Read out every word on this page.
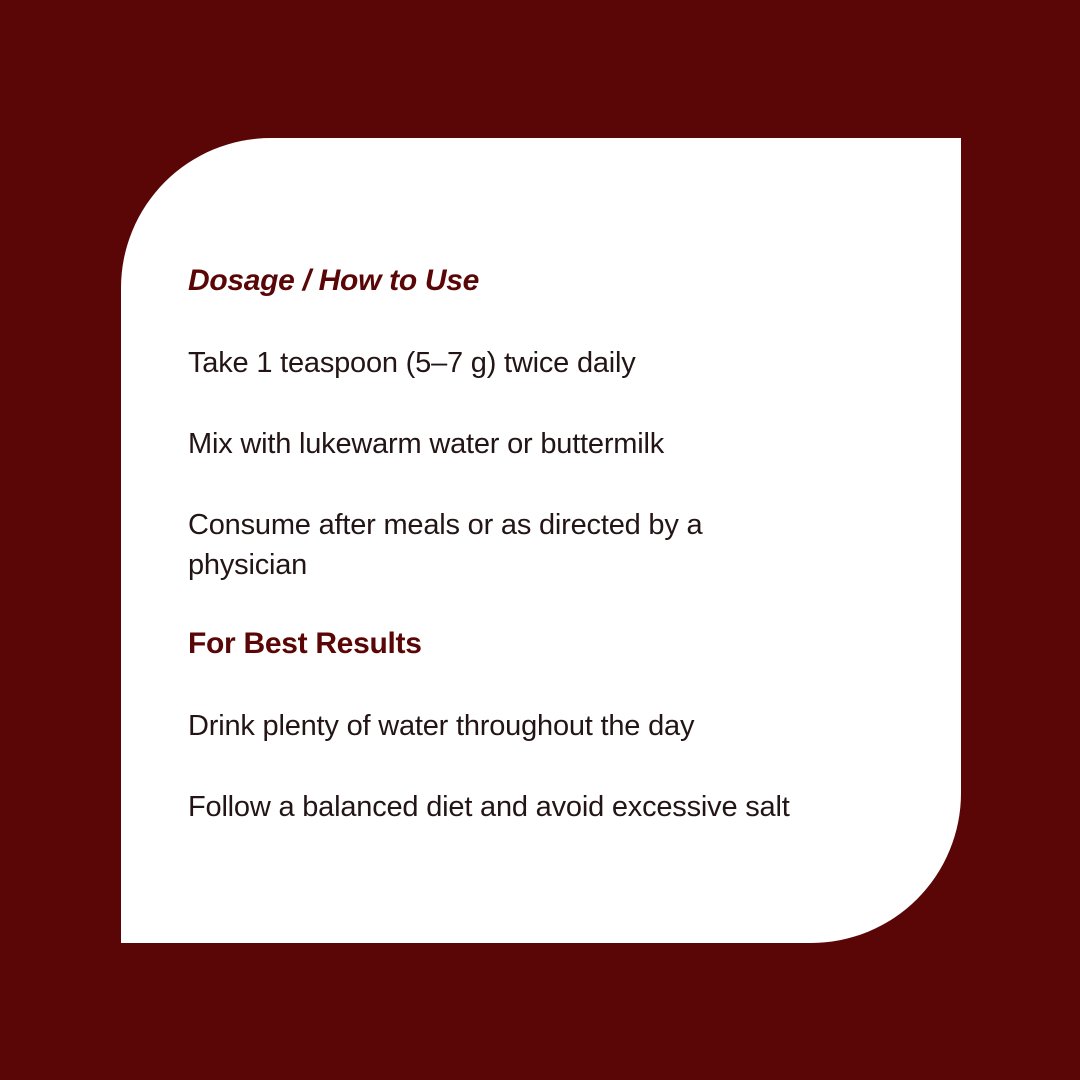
Dosage / How to Use

Take 1 teaspoon (5–7 g) twice daily

Mix with lukewarm water or buttermilk

Consume after meals or as directed by a physician

For Best Results

Drink plenty of water throughout the day

Follow a balanced diet and avoid excessive salt
